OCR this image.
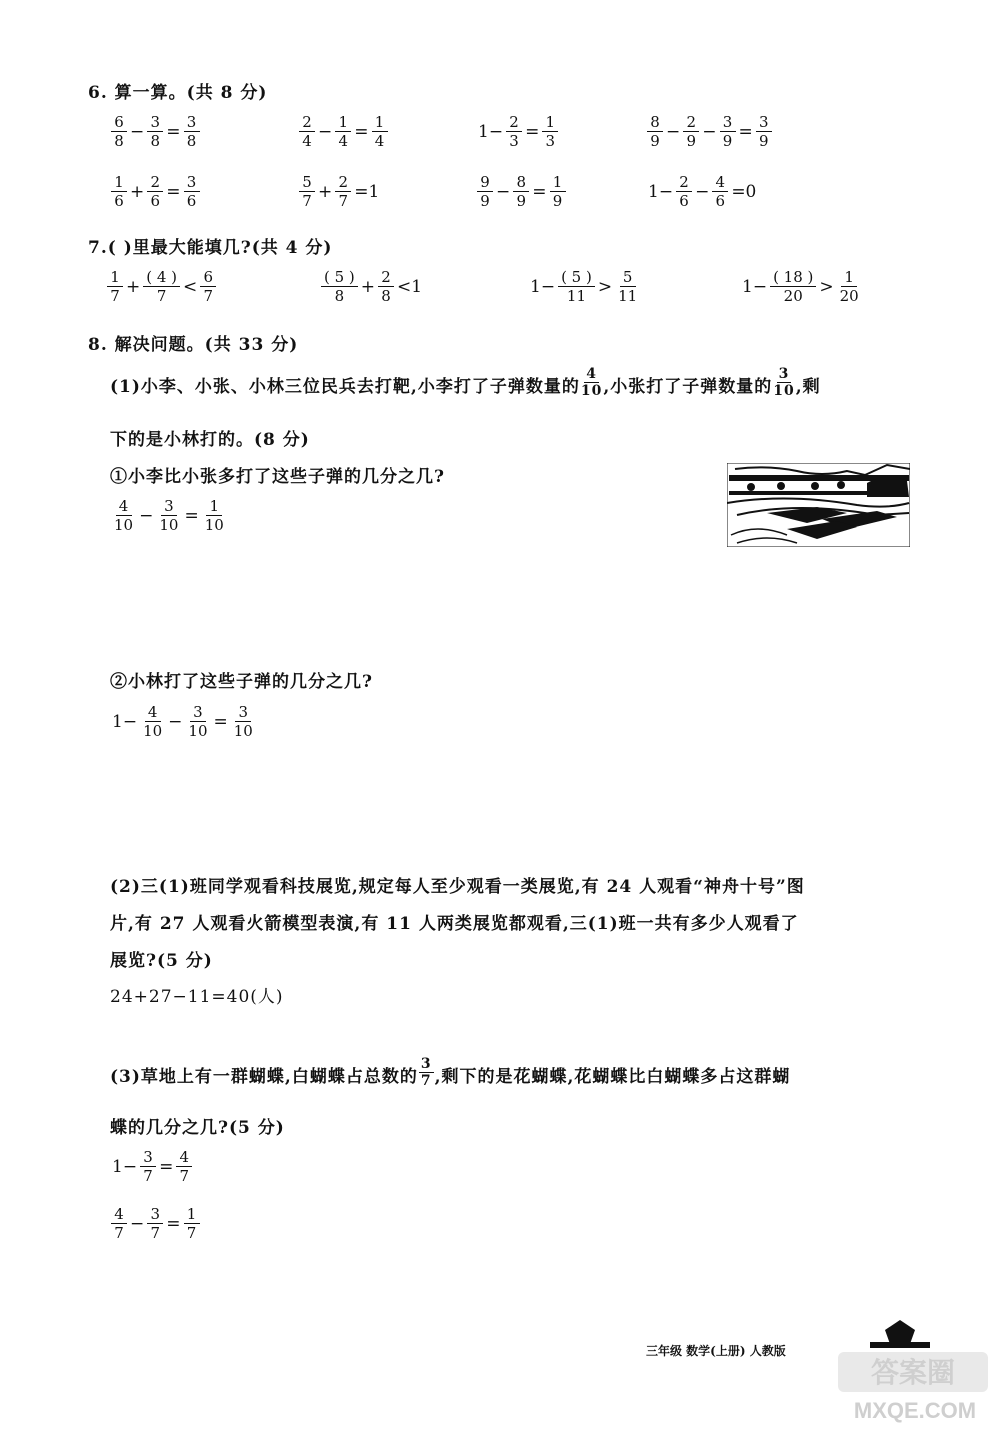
6. 算一算。(共 8 分)
$\frac{6}{8} - \frac{3}{8} = \frac{3}{8}$	$\frac{2}{4} - \frac{1}{4} = \frac{1}{4}$	$1- \frac{2}{3} = \frac{1}{3}$	$\frac{8}{9} - \frac{2}{9} - \frac{3}{9} = \frac{3}{9}$
$\frac{1}{6} + \frac{2}{6} = \frac{3}{6}$	$\frac{5}{7} + \frac{2}{7} =1$	$\frac{9}{9} - \frac{8}{9} = \frac{1}{9}$	$1- \frac{2}{6} - \frac{4}{6} =0$
7.( )里最大能填几?(共 4 分)
$\frac{1}{7} + \frac{( 4 )}{7} < \frac{6}{7}$	$\frac{( 5 )}{8} + \frac{2}{8} <1$	$1- \frac{( 5 )}{11} > \frac{5}{11}$	$1- \frac{( 18 )}{20} > \frac{1}{20}$
8. 解决问题。(共 33 分)
(1)小李、小张、小林三位民兵去打靶,小李打了子弹数量的 $\frac{4}{10}$ ,小张打了子弹数量的 $\frac{3}{10}$ ,剩
下的是小林打的。(8 分)
①小李比小张多打了这些子弹的几分之几?
$\frac{4}{10} - \frac{3}{10} = \frac{1}{10}$
②小林打了这些子弹的几分之几?
$1- \frac{4}{10} - \frac{3}{10} = \frac{3}{10}$
(2)三(1)班同学观看科技展览,规定每人至少观看一类展览,有 24 人观看“神舟十号”图
片,有 27 人观看火箭模型表演,有 11 人两类展览都观看,三(1)班一共有多少人观看了
展览?(5 分)
24+27−11=40(人)
(3)草地上有一群蝴蝶,白蝴蝶占总数的 $\frac{3}{7}$ ,剩下的是花蝴蝶,花蝴蝶比白蝴蝶多占这群蝴
蝶的几分之几?(5 分)
$1- \frac{3}{7} = \frac{4}{7}$
$\frac{4}{7} - \frac{3}{7} = \frac{1}{7}$
三年级 数学(上册) 人教版
答案圈
MXQE.COM
